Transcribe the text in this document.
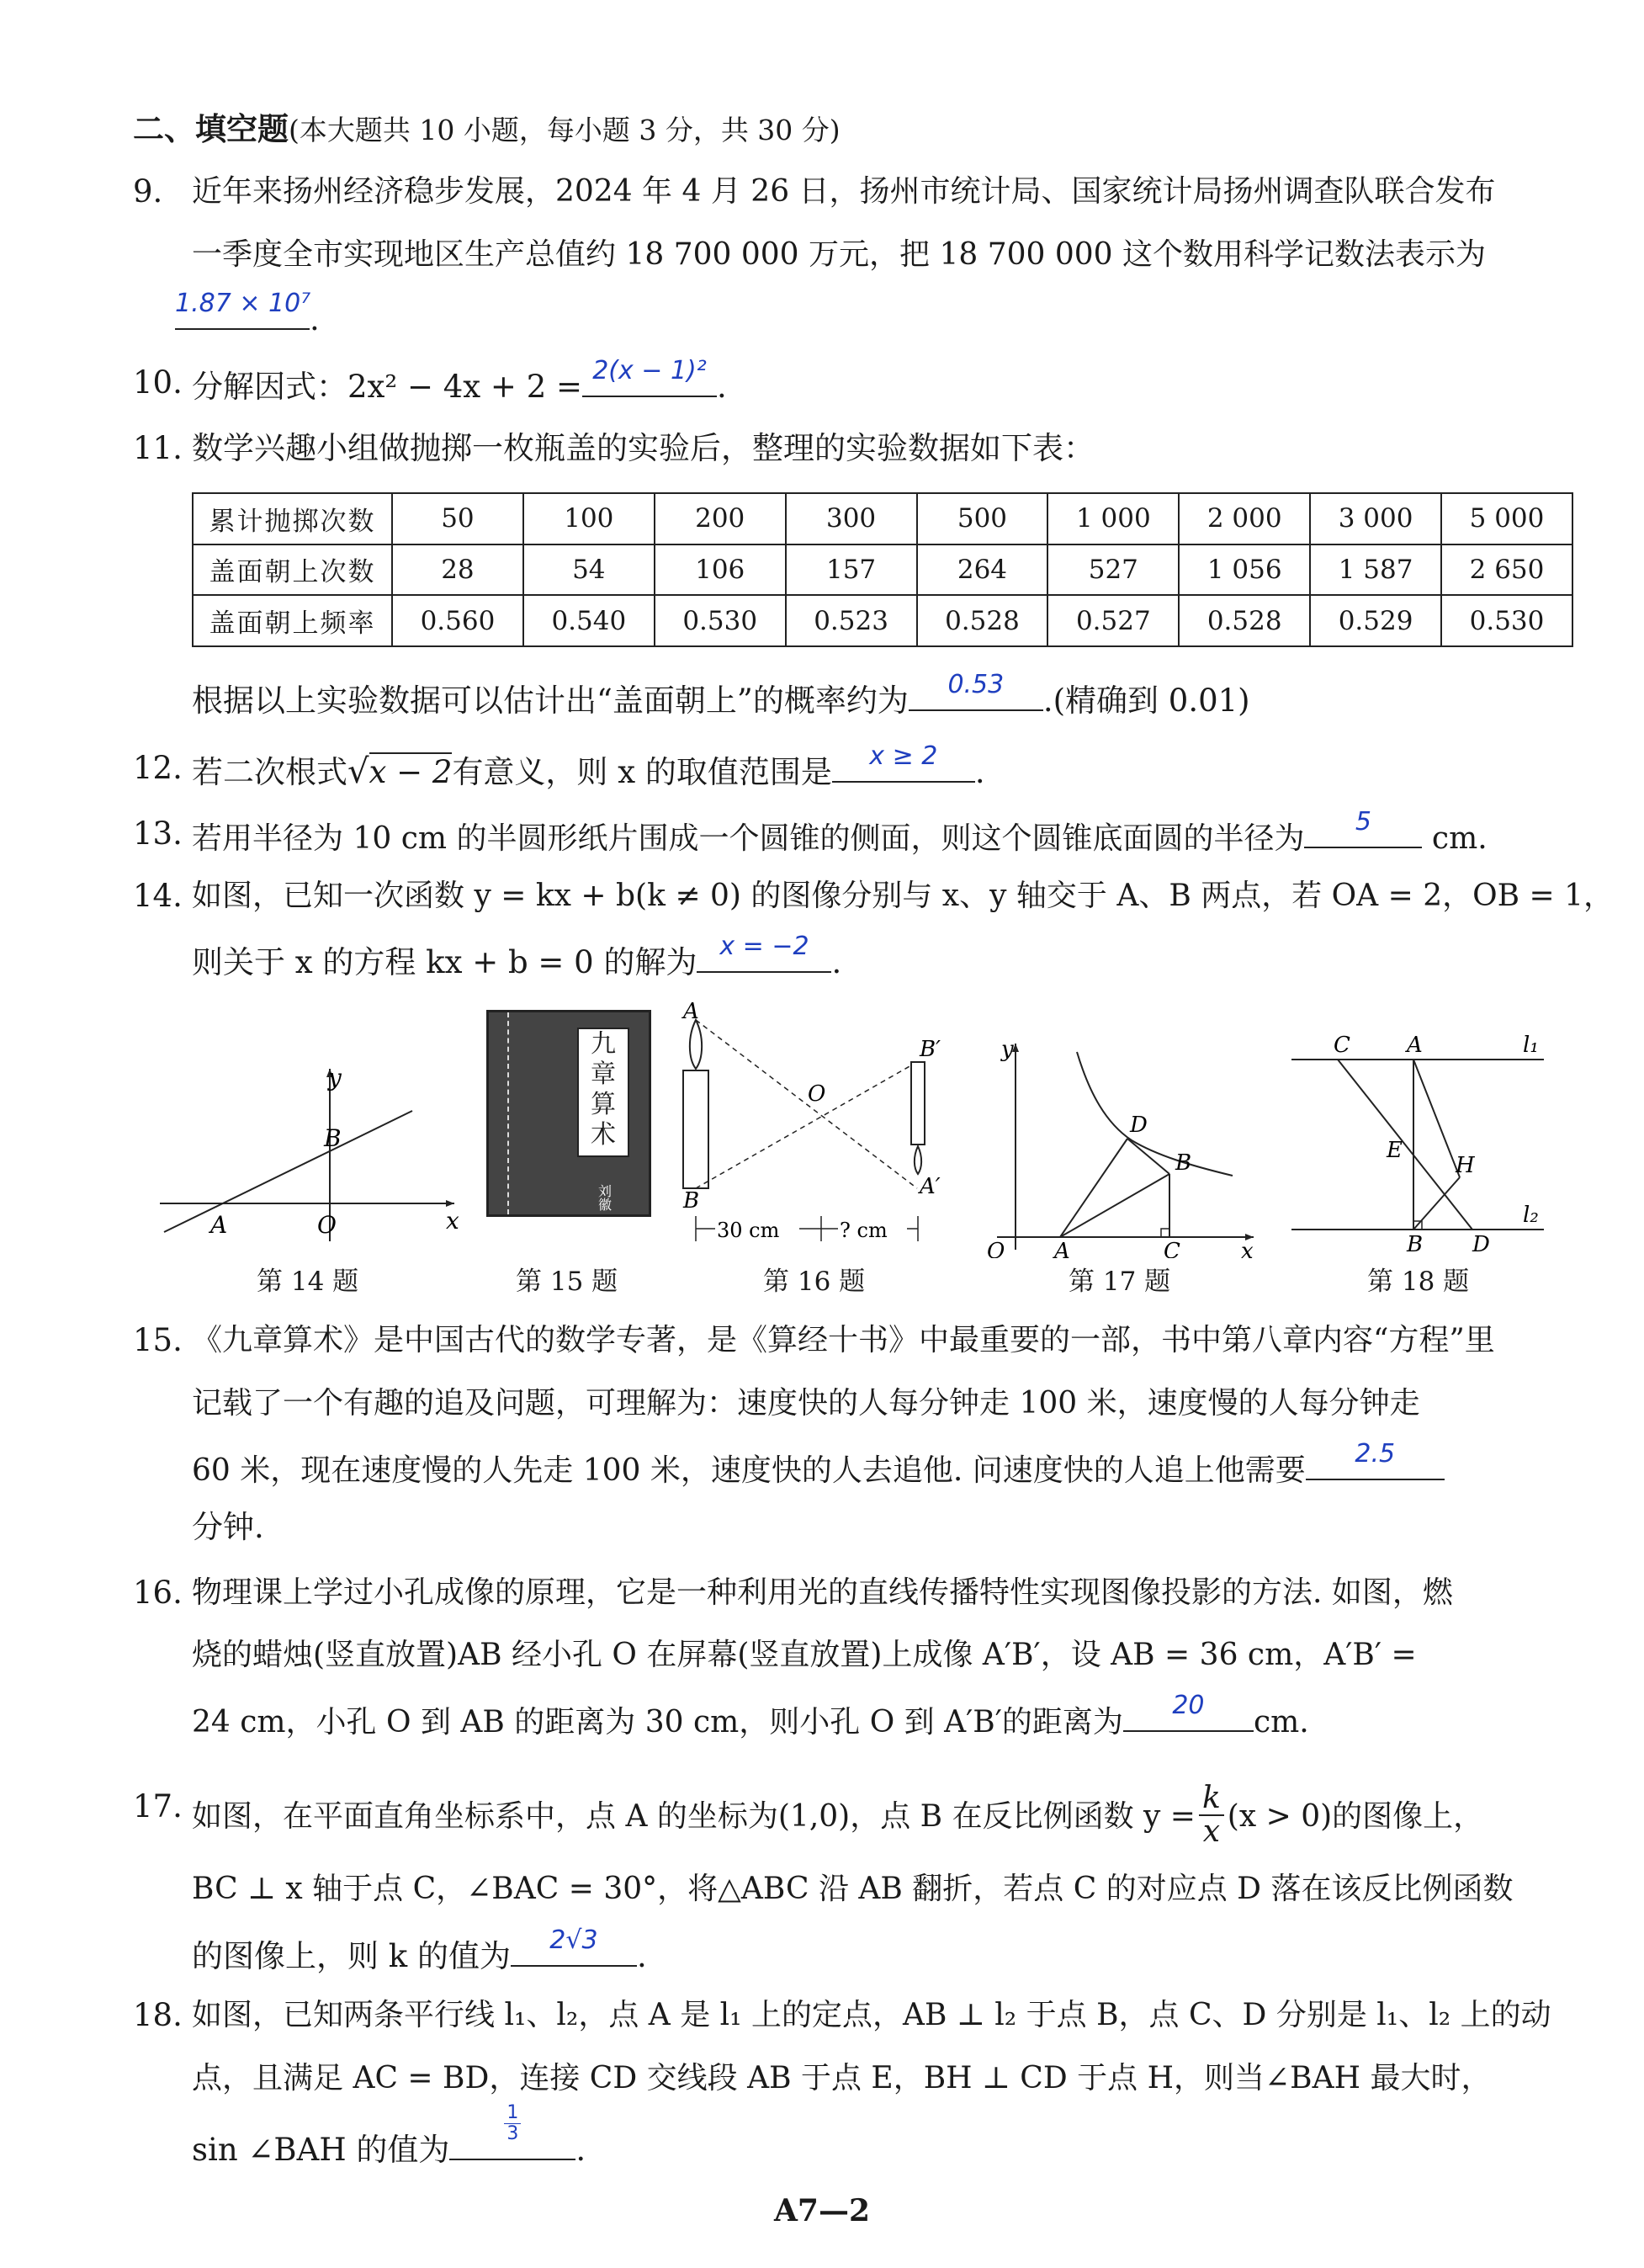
二、填空题(本大题共 10 小题，每小题 3 分，共 30 分)
9. 近年来扬州经济稳步发展，2024 年 4 月 26 日，扬州市统计局、国家统计局扬州调查队联合发布
一季度全市实现地区生产总值约 18 700 000 万元，把 18 700 000 这个数用科学记数法表示为
1.87 × 10⁷
.
10. 分解因式：2x² − 4x + 2 = 2(x − 1)² .
11. 数学兴趣小组做抛掷一枚瓶盖的实验后，整理的实验数据如下表：
累计抛掷次数	50	100	200	300	500	1 000	2 000	3 000	5 000
盖面朝上次数	28	54	106	157	264	527	1 056	1 587	2 650
盖面朝上频率	0.560	0.540	0.530	0.523	0.528	0.527	0.528	0.529	0.530
根据以上实验数据可以估计出“盖面朝上”的概率约为	0.53	.(精确到 0.01)
12. 若二次根式√x − 2有意义，则 x 的取值范围是	x ≥ 2	.
13. 若用半径为 10 cm 的半圆形纸片围成一个圆锥的侧面，则这个圆锥底面圆的半径为	5	cm.
14. 如图，已知一次函数 y = kx + b(k ≠ 0) 的图像分别与 x、y 轴交于 A、B 两点，若 OA = 2，OB = 1，
则关于 x 的方程 kx + b = 0 的解为 x = −2 .
y
x
B
A	O
第 14 题
九
章
算
术
刘徽
第 15 题
A
B
O
B′
A′
30 cm	? cm
第 16 题
y
x
O A	C
D
B
第 17 题
C	A	l₁
E
H
l₂
B D
第 18 题
15. 《九章算术》是中国古代的数学专著，是《算经十书》中最重要的一部，书中第八章内容“方程”里
记载了一个有趣的追及问题，可理解为：速度快的人每分钟走 100 米，速度慢的人每分钟走
60 米，现在速度慢的人先走 100 米，速度快的人去追他. 问速度快的人追上他需要	2.5
分钟.
16. 物理课上学过小孔成像的原理，它是一种利用光的直线传播特性实现图像投影的方法. 如图，燃
烧的蜡烛(竖直放置)AB 经小孔 O 在屏幕(竖直放置)上成像 A′B′，设 AB = 36 cm，A′B′ =
24 cm，小孔 O 到 AB 的距离为 30 cm，则小孔 O 到 A′B′的距离为	20	cm.
17. 如图，在平面直角坐标系中，点 A 的坐标为(1,0)，点 B 在反比例函数 $y = \frac{k}{x} (x > 0)$的图像上，
BC ⊥ x 轴于点 C，∠BAC = 30°，将△ABC 沿 AB 翻折，若点 C 的对应点 D 落在该反比例函数
的图像上，则 k 的值为	2√3	.
18. 如图，已知两条平行线 l₁、l₂，点 A 是 l₁ 上的定点，AB ⊥ l₂ 于点 B，点 C、D 分别是 l₁、l₂ 上的动
点，且满足 AC = BD，连接 CD 交线段 AB 于点 E，BH ⊥ CD 于点 H，则当∠BAH 最大时，
sin ∠BAH 的值为
$\frac{1}{3}$
.
A7—2
